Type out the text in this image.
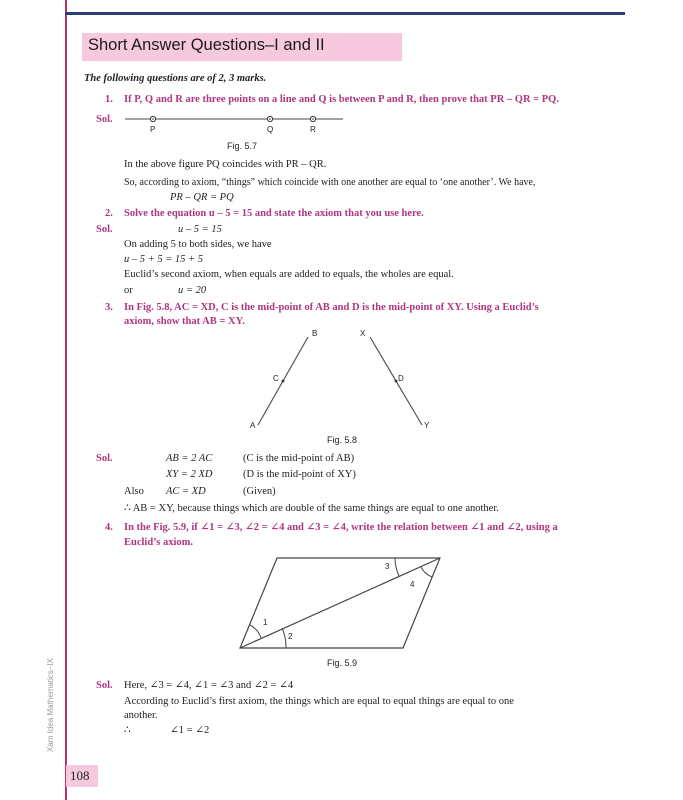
Xam Idea Mathematics–IX
108
Short Answer Questions–I and II
The following questions are of 2, 3 marks.
1. If P, Q and R are three points on a line and Q is between P and R, then prove that PR – QR = PQ.
Sol.
P	Q	R
Fig. 5.7
In the above figure PQ coincides with PR – QR.
So, according to axiom, “things” which coincide with one another are equal to ‘one another’. We have,
PR – QR = PQ
2. Solve the equation u – 5 = 15 and state the axiom that you use here.
Sol.	u – 5 = 15
On adding 5 to both sides, we have
u – 5 + 5 = 15 + 5
Euclid’s second axiom, when equals are added to equals, the wholes are equal.
or	u = 20
3. In Fig. 5.8, AC = XD, C is the mid-point of AB and D is the mid-point of XY. Using a Euclid’s
axiom, show that AB = XY.
B	X
C	D
A	Y
Fig. 5.8
Sol.	AB = 2 AC	(C is the mid-point of AB)
XY = 2 XD	(D is the mid-point of XY)
Also AC = XD	(Given)
∴ AB = XY, because things which are double of the same things are equal to one another.
4. In the Fig. 5.9, if ∠1 = ∠3, ∠2 = ∠4 and ∠3 = ∠4, write the relation between ∠1 and ∠2, using a
Euclid’s axiom.
1
2
3
4
Fig. 5.9
Sol. Here, ∠3 = ∠4, ∠1 = ∠3 and ∠2 = ∠4
According to Euclid’s first axiom, the things which are equal to equal things are equal to one
another.
∴	∠1 = ∠2
